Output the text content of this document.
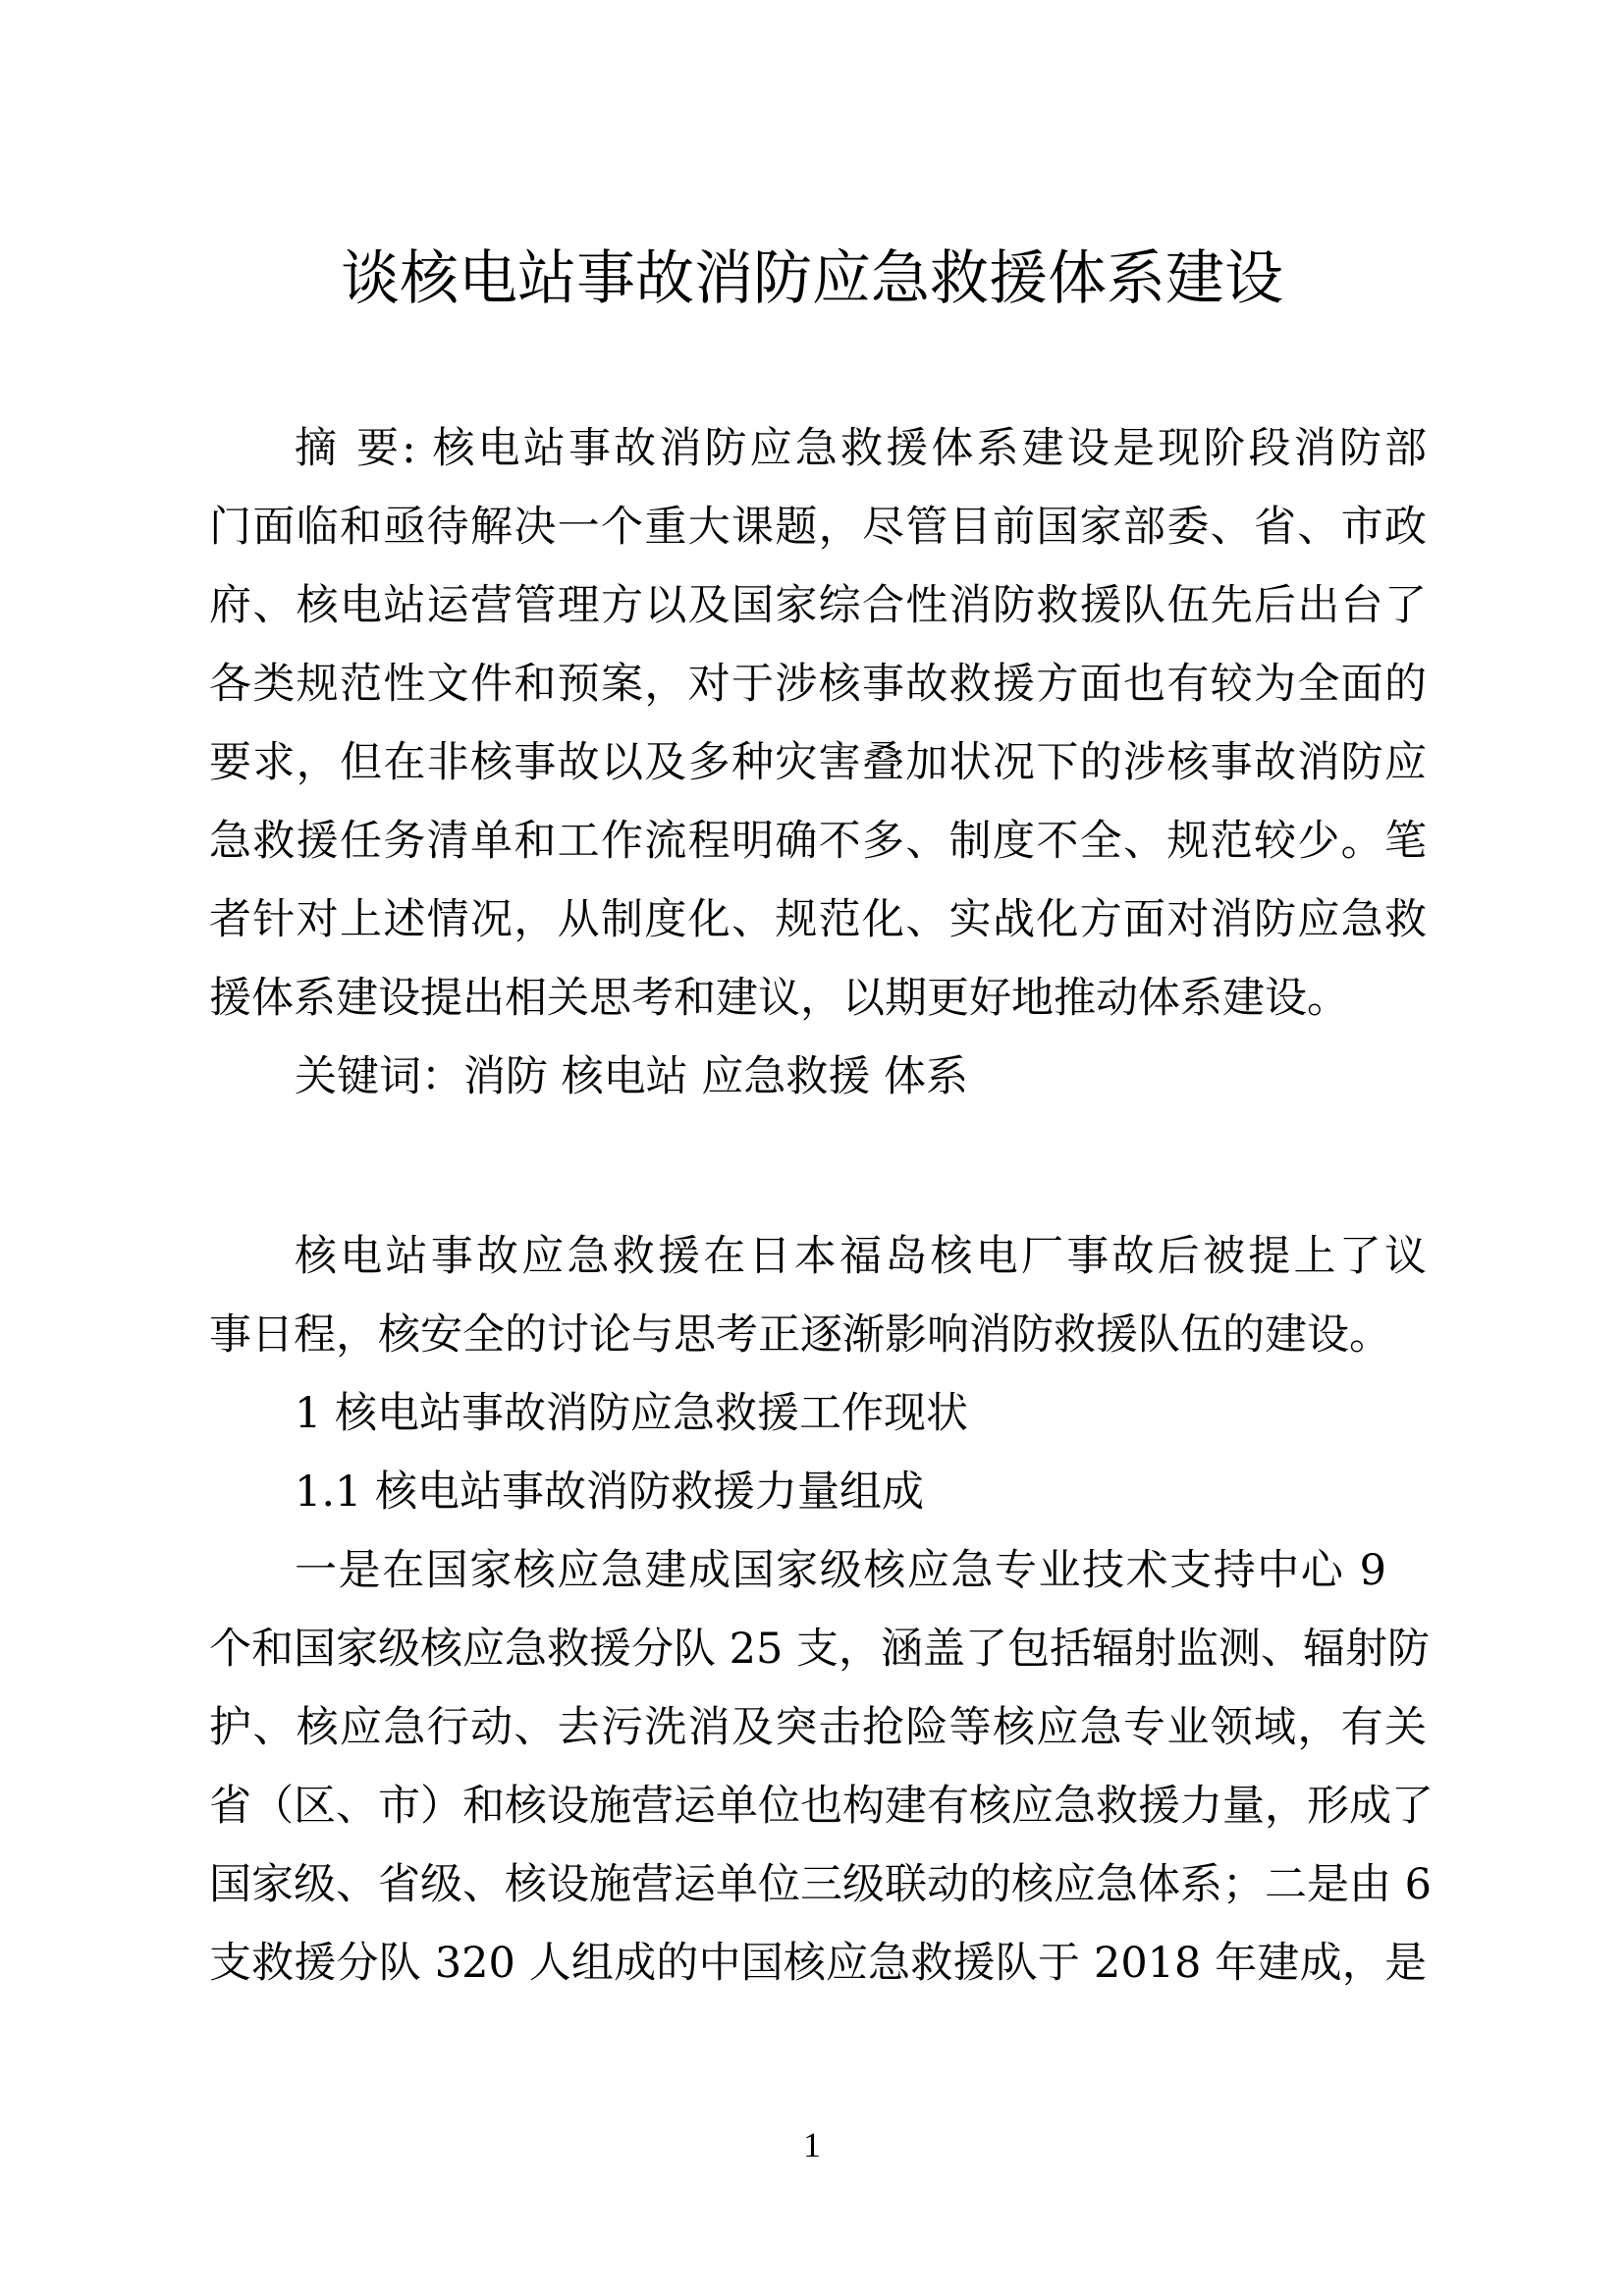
谈核电站事故消防应急救援体系建设
摘 要: 核电站事故消防应急救援体系建设是现阶段消防部
门面临和亟待解决一个重大课题，尽管目前国家部委、省、市政
府、核电站运营管理方以及国家综合性消防救援队伍先后出台了
各类规范性文件和预案，对于涉核事故救援方面也有较为全面的
要求，但在非核事故以及多种灾害叠加状况下的涉核事故消防应
急救援任务清单和工作流程明确不多、制度不全、规范较少。笔
者针对上述情况，从制度化、规范化、实战化方面对消防应急救
援体系建设提出相关思考和建议，以期更好地推动体系建设。
关键词：消防 核电站 应急救援 体系
核电站事故应急救援在日本福岛核电厂事故后被提上了议
事日程，核安全的讨论与思考正逐渐影响消防救援队伍的建设。
1 核电站事故消防应急救援工作现状
1.1 核电站事故消防救援力量组成
一是在国家核应急建成国家级核应急专业技术支持中心 9
个和国家级核应急救援分队 25 支，涵盖了包括辐射监测、辐射防
护、核应急行动、去污洗消及突击抢险等核应急专业领域，有关
省（区、市）和核设施营运单位也构建有核应急救援力量，形成了
国家级、省级、核设施营运单位三级联动的核应急体系；二是由 6
支救援分队 320 人组成的中国核应急救援队于 2018 年建成，是
1
